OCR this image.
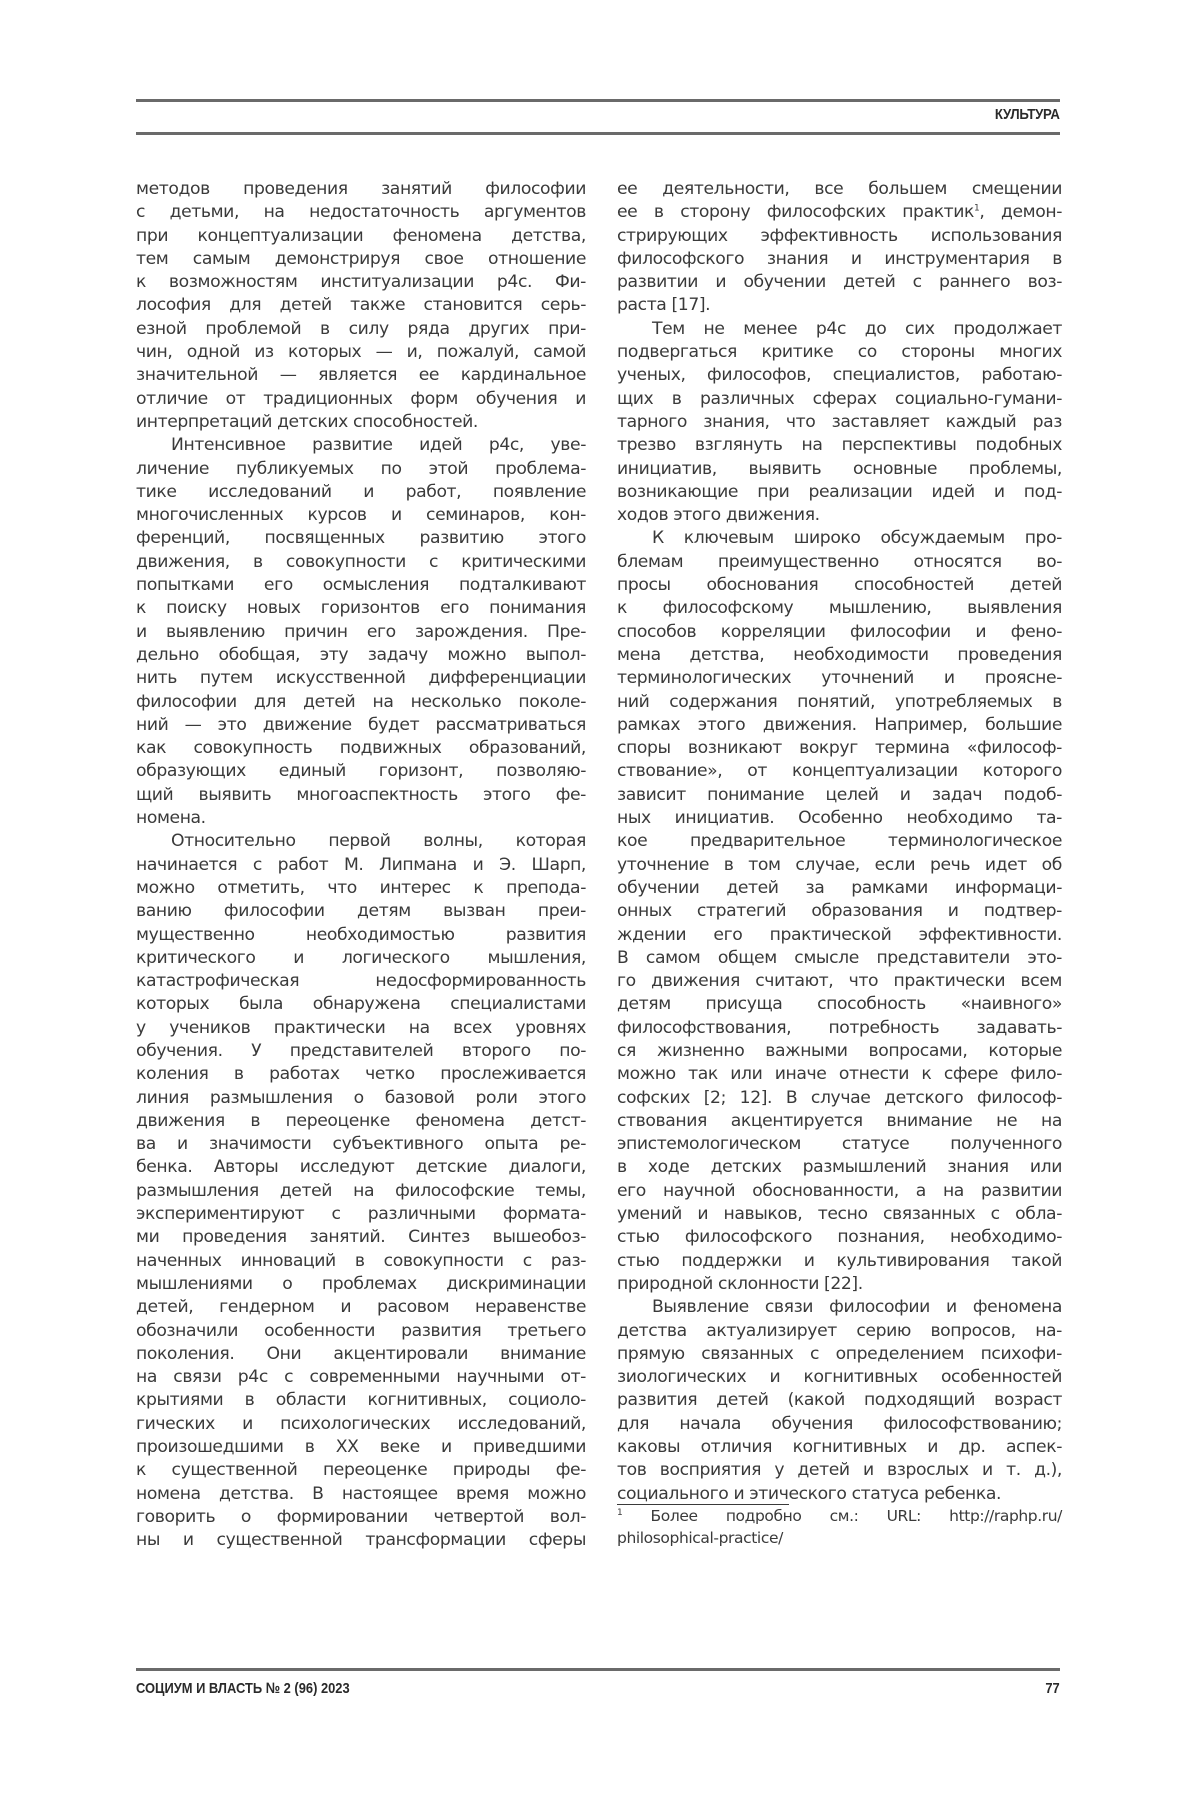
КУЛЬТУРА
методов проведения занятий философии
с детьми, на недостаточность аргументов
при концептуализации феномена детства,
тем самым демонстрируя свое отношение
к возможностям институализации p4c. Фи-
лософия для детей также становится серь-
езной проблемой в силу ряда других при-
чин, одной из которых — и, пожалуй, самой
значительной — является ее кардинальное
отличие от традиционных форм обучения и
интерпретаций детских способностей.
Интенсивное развитие идей p4c, уве-
личение публикуемых по этой проблема-
тике исследований и работ, появление
многочисленных курсов и семинаров, кон-
ференций, посвященных развитию этого
движения, в совокупности с критическими
попытками его осмысления подталкивают
к поиску новых горизонтов его понимания
и выявлению причин его зарождения. Пре-
дельно обобщая, эту задачу можно выпол-
нить путем искусственной дифференциации
философии для детей на несколько поколе-
ний — это движение будет рассматриваться
как совокупность подвижных образований,
образующих единый горизонт, позволяю-
щий выявить многоаспектность этого фе-
номена.
Относительно первой волны, которая
начинается с работ М. Липмана и Э. Шарп,
можно отметить, что интерес к препода-
ванию философии детям вызван преи-
мущественно необходимостью развития
критического и логического мышления,
катастрофическая недосформированность
которых была обнаружена специалистами
у учеников практически на всех уровнях
обучения. У представителей второго по-
коления в работах четко прослеживается
линия размышления о базовой роли этого
движения в переоценке феномена детст-
ва и значимости субъективного опыта ре-
бенка. Авторы исследуют детские диалоги,
размышления детей на философские темы,
экспериментируют с различными формата-
ми проведения занятий. Синтез вышеобоз-
наченных инноваций в совокупности с раз-
мышлениями о проблемах дискриминации
детей, гендерном и расовом неравенстве
обозначили особенности развития третьего
поколения. Они акцентировали внимание
на связи p4c с современными научными от-
крытиями в области когнитивных, социоло-
гических и психологических исследований,
произошедшими в XX веке и приведшими
к существенной переоценке природы фе-
номена детства. В настоящее время можно
говорить о формировании четвертой вол-
ны и существенной трансформации сферы
ее деятельности, все большем смещении
ее в сторону философских практик$^1$, демон-
стрирующих эффективность использования
философского знания и инструментария в
развитии и обучении детей с раннего воз-
раста [17].
Тем не менее p4c до сих продолжает
подвергаться критике со стороны многих
ученых, философов, специалистов, работаю-
щих в различных сферах социально-гумани-
тарного знания, что заставляет каждый раз
трезво взглянуть на перспективы подобных
инициатив, выявить основные проблемы,
возникающие при реализации идей и под-
ходов этого движения.
К ключевым широко обсуждаемым про-
блемам преимущественно относятся во-
просы обоснования способностей детей
к философскому мышлению, выявления
способов корреляции философии и фено-
мена детства, необходимости проведения
терминологических уточнений и проясне-
ний содержания понятий, употребляемых в
рамках этого движения. Например, большие
споры возникают вокруг термина «философ-
ствование», от концептуализации которого
зависит понимание целей и задач подоб-
ных инициатив. Особенно необходимо та-
кое предварительное терминологическое
уточнение в том случае, если речь идет об
обучении детей за рамками информаци-
онных стратегий образования и подтвер-
ждении его практической эффективности.
В самом общем смысле представители это-
го движения считают, что практически всем
детям присуща способность «наивного»
философствования, потребность задавать-
ся жизненно важными вопросами, которые
можно так или иначе отнести к сфере фило-
софских [2; 12]. В случае детского философ-
ствования акцентируется внимание не на
эпистемологическом статусе полученного
в ходе детских размышлений знания или
его научной обоснованности, а на развитии
умений и навыков, тесно связанных с обла-
стью философского познания, необходимо-
стью поддержки и культивирования такой
природной склонности [22].
Выявление связи философии и феномена
детства актуализирует серию вопросов, на-
прямую связанных с определением психофи-
зиологических и когнитивных особенностей
развития детей (какой подходящий возраст
для начала обучения философствованию;
каковы отличия когнитивных и др. аспек-
тов восприятия у детей и взрослых и т. д.),
социального и этического статуса ребенка.
$^1$ Более подробно см.: URL: http://raphp.ru/
philosophical-practice/
СОЦИУМ И ВЛАСТЬ № 2 (96) 2023	77
